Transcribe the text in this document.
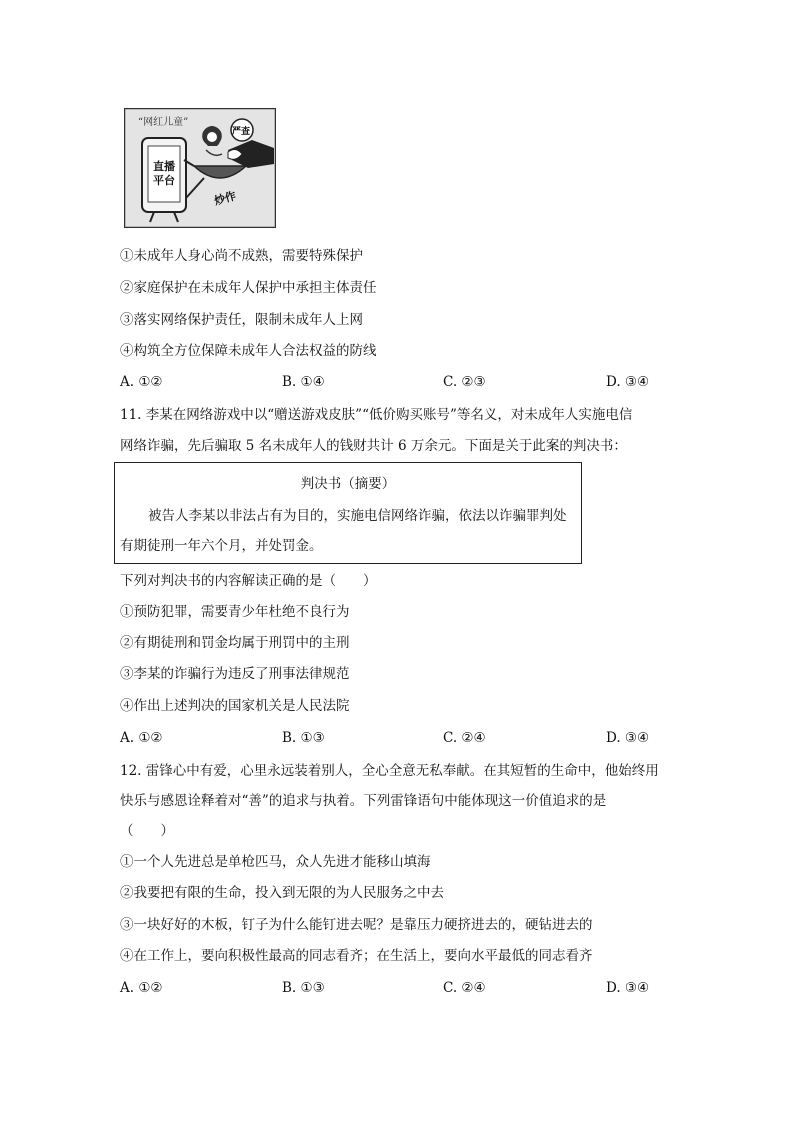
“网红儿童”
严查
直播平台
炒作
①未成年人身心尚不成熟，需要特殊保护
②家庭保护在未成年人保护中承担主体责任
③落实网络保护责任，限制未成年人上网
④构筑全方位保障未成年人合法权益的防线
A. ①②	B. ①④	C. ②③	D. ③④
11. 李某在网络游戏中以“赠送游戏皮肤”“低价购买账号”等名义，对未成年人实施电信
网络诈骗，先后骗取 5 名未成年人的钱财共计 6 万余元。下面是关于此案的判决书：
判决书（摘要）
被告人李某以非法占有为目的，实施电信网络诈骗，依法以诈骗罪判处
有期徒刑一年六个月，并处罚金。
下列对判决书的内容解读正确的是（　　）
①预防犯罪，需要青少年杜绝不良行为
②有期徒刑和罚金均属于刑罚中的主刑
③李某的诈骗行为违反了刑事法律规范
④作出上述判决的国家机关是人民法院
A. ①②	B. ①③	C. ②④	D. ③④
12. 雷锋心中有爱，心里永远装着别人，全心全意无私奉献。在其短暂的生命中，他始终用
快乐与感恩诠释着对“善”的追求与执着。下列雷锋语句中能体现这一价值追求的是
（　　）
①一个人先进总是单枪匹马，众人先进才能移山填海
②我要把有限的生命，投入到无限的为人民服务之中去
③一块好好的木板，钉子为什么能钉进去呢？是靠压力硬挤进去的，硬钻进去的
④在工作上，要向积极性最高的同志看齐；在生活上，要向水平最低的同志看齐
A. ①②	B. ①③	C. ②④	D. ③④
